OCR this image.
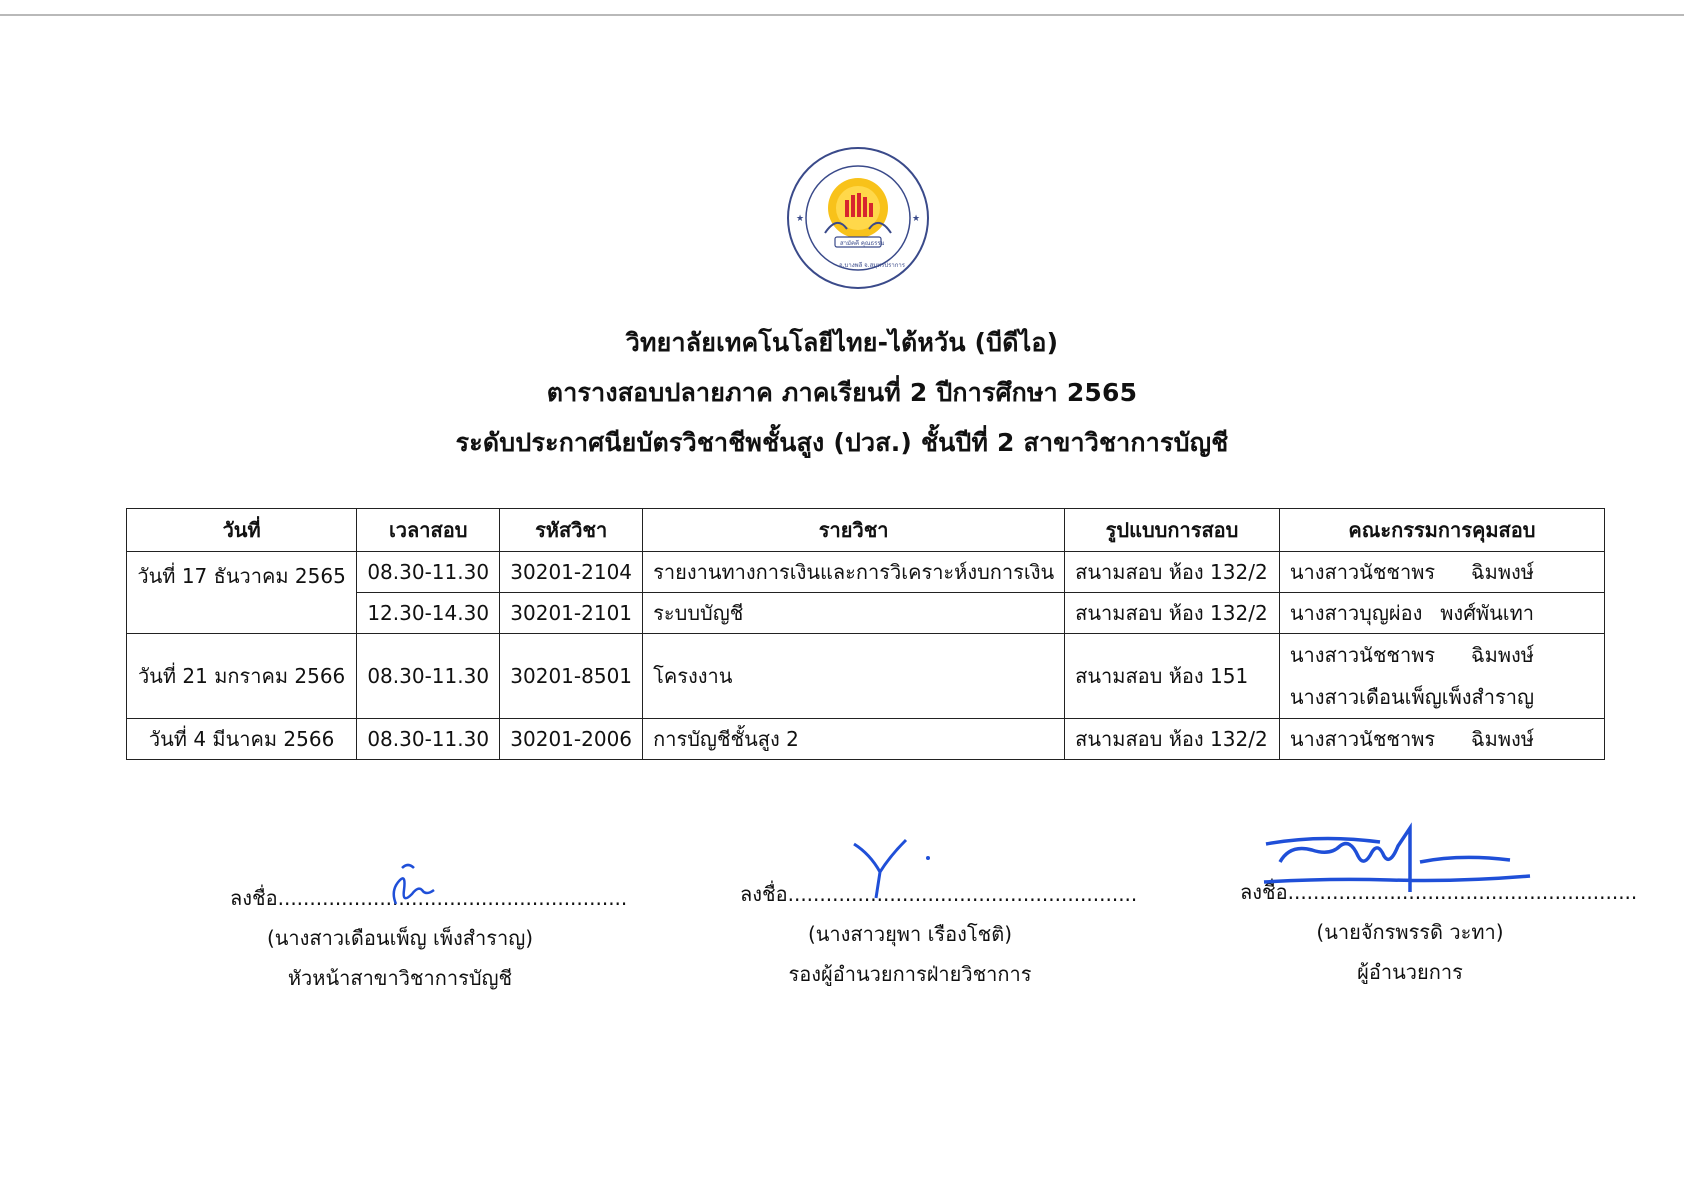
★	★
อ.บางพลี จ.สมุทรปราการ
สามัคคี คุณธรรม
วิทยาลัยเทคโนโลยีไทย-ไต้หวัน (บีดีไอ)
ตารางสอบปลายภาค ภาคเรียนที่ 2 ปีการศึกษา 2565
ระดับประกาศนียบัตรวิชาชีพชั้นสูง (ปวส.) ชั้นปีที่ 2 สาขาวิชาการบัญชี
วันที่	เวลาสอบ	รหัสวิชา	รายวิชา	รูปแบบการสอบ	คณะกรรมการคุมสอบ
วันที่ 17 ธันวาคม 2565	08.30-11.30	30201-2104	รายงานทางการเงินและการวิเคราะห์งบการเงิน	สนามสอบ ห้อง 132/2	นางสาวนัชชาพร ฉิมพงษ์

	12.30-14.30	30201-2101	ระบบบัญชี	สนามสอบ ห้อง 132/2	นางสาวบุญผ่อง พงศ์พันเทา

วันที่ 21 มกราคม 2566	08.30-11.30	30201-8501	โครงงาน	สนามสอบ ห้อง 151	นางสาวนัชชาพร ฉิมพงษ์
นางสาวเดือนเพ็ญ เพ็งสำราญ

วันที่ 4 มีนาคม 2566	08.30-11.30	30201-2006	การบัญชีชั้นสูง 2	สนามสอบ ห้อง 132/2	นางสาวนัชชาพร ฉิมพงษ์
ลงชื่อ.......................................................
(นางสาวเดือนเพ็ญ เพ็งสำราญ)
หัวหน้าสาขาวิชาการบัญชี
ลงชื่อ.......................................................
(นางสาวยุพา เรืองโชติ)
รองผู้อำนวยการฝ่ายวิชาการ
ลงชื่อ.......................................................
(นายจักรพรรดิ วะทา)
ผู้อำนวยการ
